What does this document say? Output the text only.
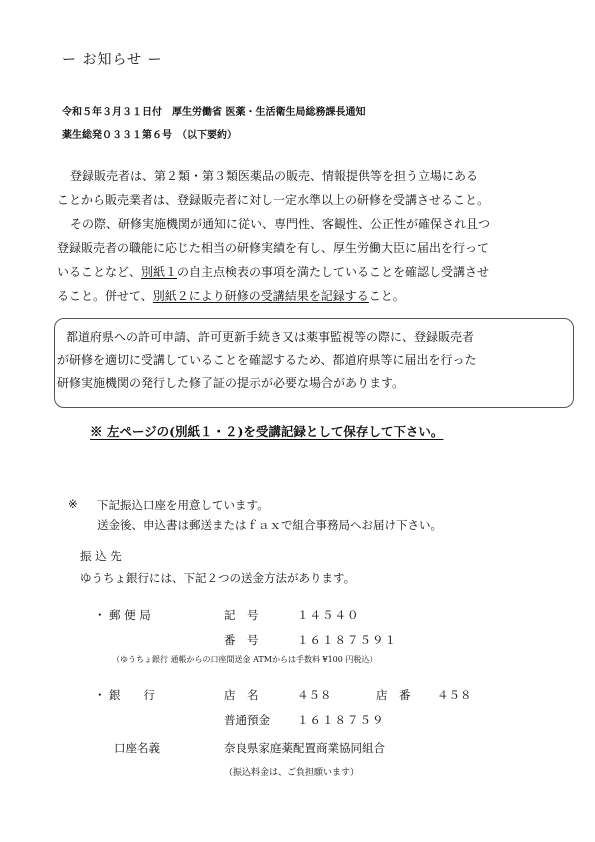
ー お知らせ ー
令和５年３月３１日付　厚生労働省 医薬・生活衛生局総務課長通知
薬生総発０３３１第６号　（以下要約）
登録販売者は、第２類・第３類医薬品の販売、情報提供等を担う立場にある
ことから販売業者は、登録販売者に対し一定水準以上の研修を受講させること。
その際、研修実施機関が通知に従い、専門性、客観性、公正性が確保され且つ
登録販売者の職能に応じた相当の研修実績を有し、厚生労働大臣に届出を行って
いることなど、別紙１の自主点検表の事項を満たしていることを確認し受講させ
ること。併せて、別紙２により研修の受講結果を記録すること。
都道府県への許可申請、許可更新手続き又は薬事監視等の際に、登録販売者
が研修を適切に受講していることを確認するため、都道府県等に届出を行った
研修実施機関の発行した修了証の提示が必要な場合があります。
※ 左ページの(別紙１・２)を受講記録として保存して下さい。
※ 下記振込口座を用意しています。
送金後、申込書は郵送またはｆａｘで組合事務局へお届け下さい。
振 込 先
ゆうちょ銀行には、下記２つの送金方法があります。
・ 郵 便 局	記　号	１４５４０
番　号	１６１８７５９１
（ゆうちょ銀行 通帳からの口座間送金 ATMからは手数料 ¥100 円税込）
・ 銀　　行	店　名	４５８	店　番 ４５８
普通預金 １６１８７５９
口座名義	奈良県家庭薬配置商業協同組合
（振込料金は、ご負担願います）
